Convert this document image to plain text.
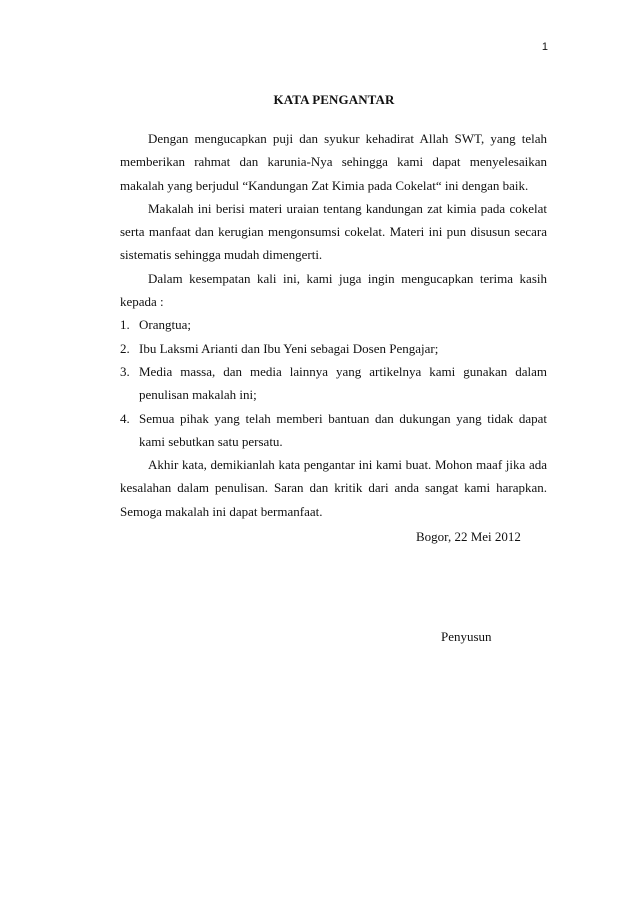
1
KATA PENGANTAR

Dengan mengucapkan puji dan syukur kehadirat Allah SWT, yang telah memberikan rahmat dan karunia-Nya sehingga kami dapat menyelesaikan makalah yang berjudul “Kandungan Zat Kimia pada Cokelat“ ini dengan baik.

Makalah ini berisi materi uraian tentang kandungan zat kimia pada cokelat serta manfaat dan kerugian mengonsumsi cokelat. Materi ini pun disusun secara sistematis sehingga mudah dimengerti.

Dalam kesempatan kali ini, kami juga ingin mengucapkan terima kasih kepada :

1. Orangtua;
2. Ibu Laksmi Arianti dan Ibu Yeni sebagai Dosen Pengajar;
3. Media massa, dan media lainnya yang artikelnya kami gunakan dalam penulisan makalah ini;
4. Semua pihak yang telah memberi bantuan dan dukungan yang tidak dapat kami sebutkan satu persatu.

Akhir kata, demikianlah kata pengantar ini kami buat. Mohon maaf jika ada kesalahan dalam penulisan. Saran dan kritik dari anda sangat kami harapkan. Semoga makalah ini dapat bermanfaat.

Bogor, 22 Mei 2012
Penyusun
